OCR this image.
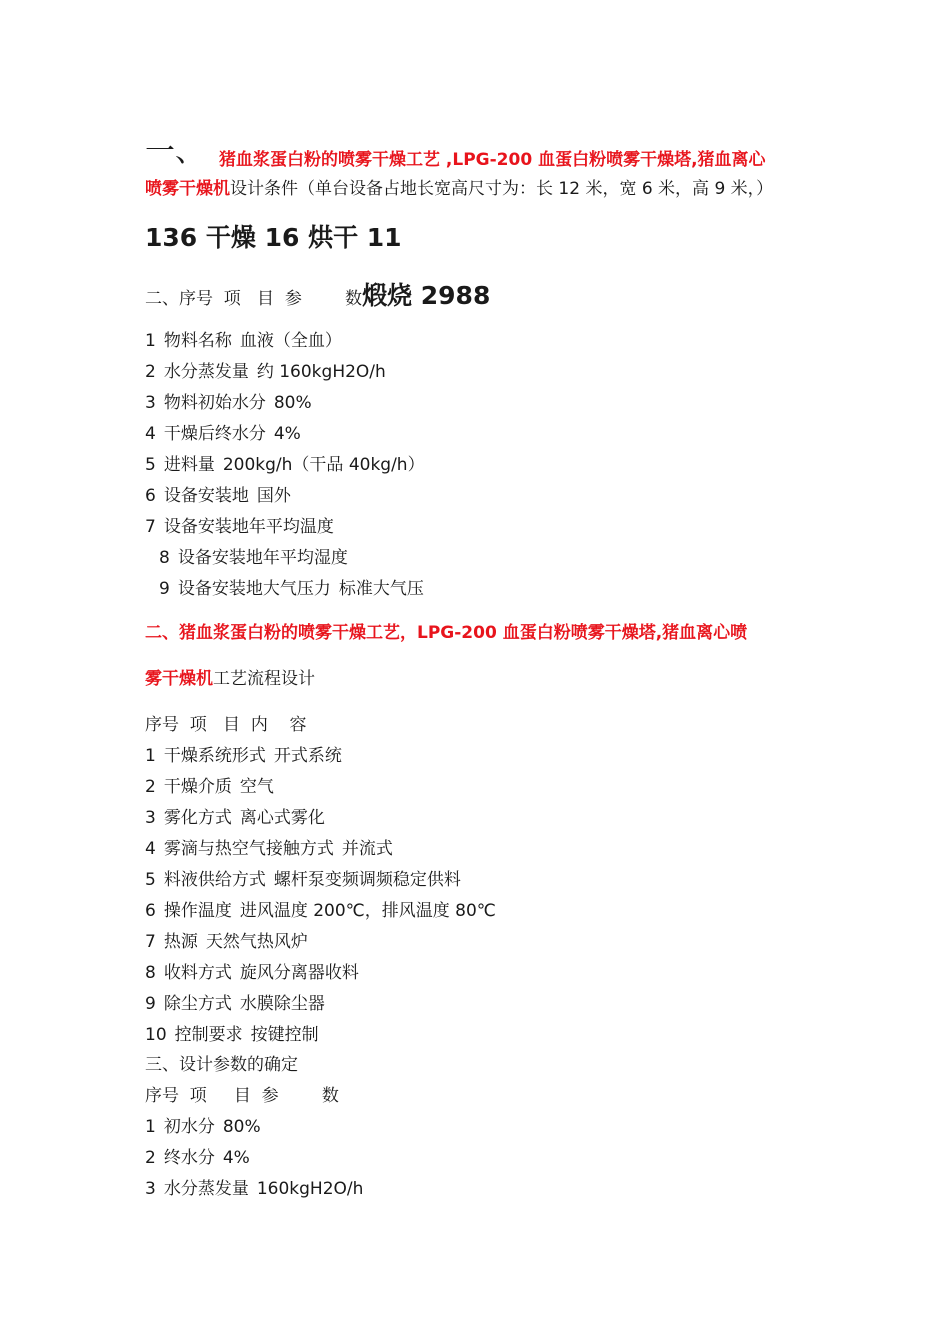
一、 猪血浆蛋白粉的喷雾干燥工艺 ,LPG-200 血蛋白粉喷雾干燥塔,猪血离心
喷雾干燥机设计条件（单台设备占地长宽高尺寸为：长 12 米，宽 6 米，高 9 米，）
136 干燥 16 烘干 11
二、序号  项   目  参        数煅烧 2988
1 物料名称 血液（全血）
2 水分蒸发量 约 160kgH2O/h
3 物料初始水分 80%
4 干燥后终水分 4%
5 进料量 200kg/h（干品 40kg/h）
6 设备安装地 国外
7 设备安装地年平均温度
8 设备安装地年平均湿度
9 设备安装地大气压力 标准大气压
二、猪血浆蛋白粉的喷雾干燥工艺，LPG-200 血蛋白粉喷雾干燥塔,猪血离心喷
雾干燥机工艺流程设计
序号  项   目  内    容
1 干燥系统形式 开式系统
2 干燥介质 空气
3 雾化方式 离心式雾化
4 雾滴与热空气接触方式 并流式
5 料液供给方式 螺杆泵变频调频稳定供料
6 操作温度 进风温度 200℃，排风温度 80℃
7 热源 天然气热风炉
8 收料方式 旋风分离器收料
9 除尘方式 水膜除尘器
10 控制要求 按键控制
三、设计参数的确定
序号  项     目  参        数
1 初水分 80%
2 终水分 4%
3 水分蒸发量 160kgH2O/h
